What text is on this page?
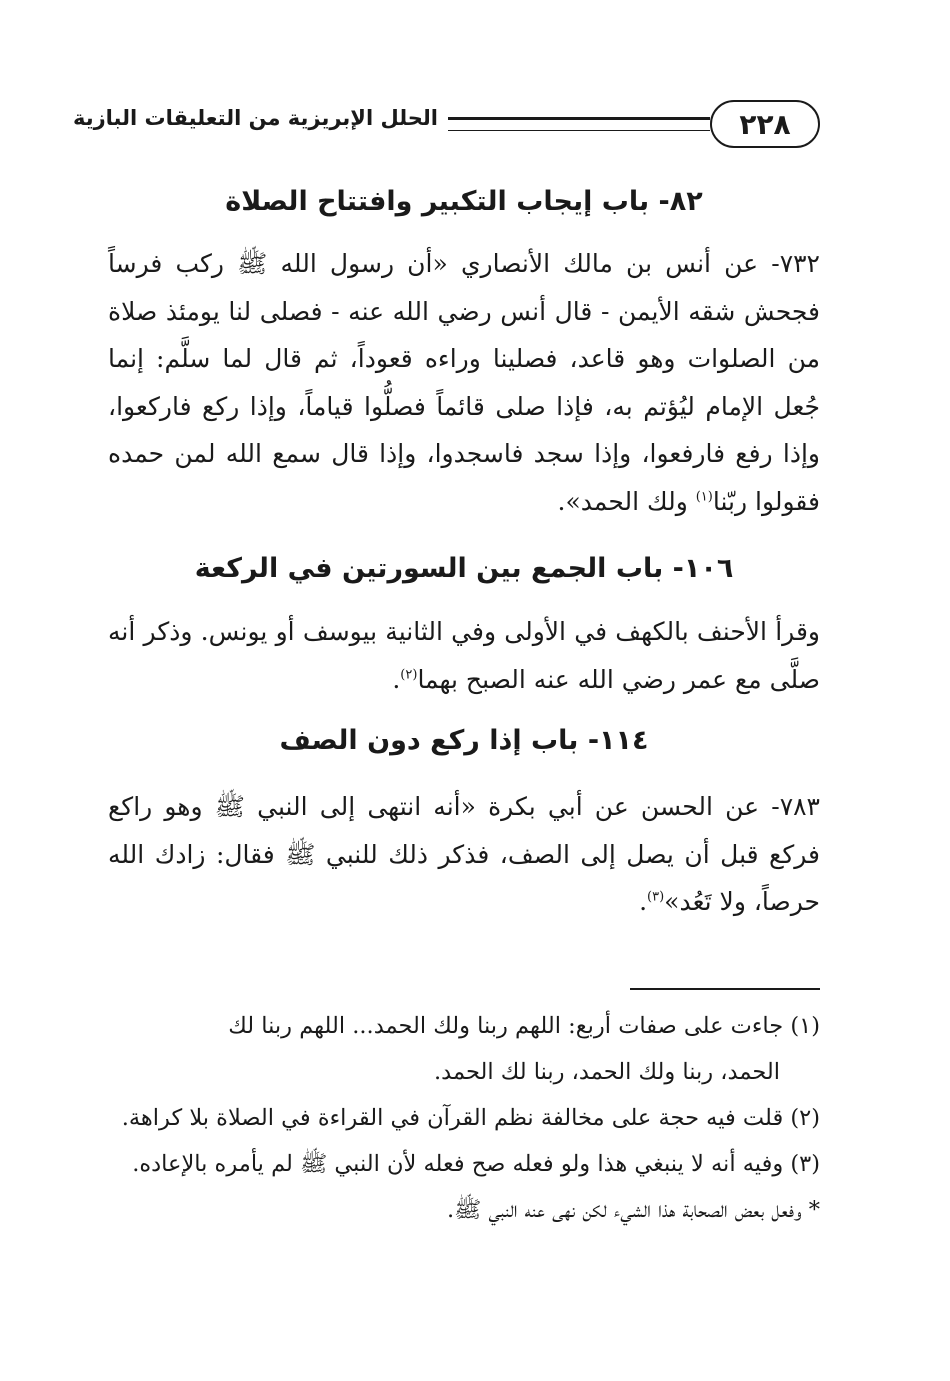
٢٢٨
الحلل الإبريزية من التعليقات البازية
٨٢- باب إيجاب التكبير وافتتاح الصلاة

٧٣٢- عن أنس بن مالك الأنصاري «أن رسول الله ﷺ ركب فرساً فجحش شقه الأيمن - قال أنس رضي الله عنه - فصلى لنا يومئذ صلاة من الصلوات وهو قاعد، فصلينا وراءه قعوداً، ثم قال لما سلَّم: إنما جُعل الإمام ليُؤتم به، فإذا صلى قائماً فصلُّوا قياماً، وإذا ركع فاركعوا، وإذا رفع فارفعوا، وإذا سجد فاسجدوا، وإذا قال سمع الله لمن حمده فقولوا ربّنا$^{(١)}$ ولك الحمد».

١٠٦- باب الجمع بين السورتين في الركعة

وقرأ الأحنف بالكهف في الأولى وفي الثانية بيوسف أو يونس. وذكر أنه صلَّى مع عمر رضي الله عنه الصبح بهما$^{(٢)}$.

١١٤- باب إذا ركع دون الصف

٧٨٣- عن الحسن عن أبي بكرة «أنه انتهى إلى النبي ﷺ وهو راكع فركع قبل أن يصل إلى الصف، فذكر ذلك للنبي ﷺ فقال: زادك الله حرصاً، ولا تَعُد»$^{(٣)}$.

(١) جاءت على صفات أربع: اللهم ربنا ولك الحمد... اللهم ربنا لك
الحمد، ربنا ولك الحمد، ربنا لك الحمد.
(٢) قلت فيه حجة على مخالفة نظم القرآن في القراءة في الصلاة بلا كراهة.
(٣) وفيه أنه لا ينبغي هذا ولو فعله صح فعله لأن النبي ﷺ لم يأمره بالإعاده.
* وفعل بعض الصحابة هذا الشيء لكن نهى عنه النبي ﷺ.
